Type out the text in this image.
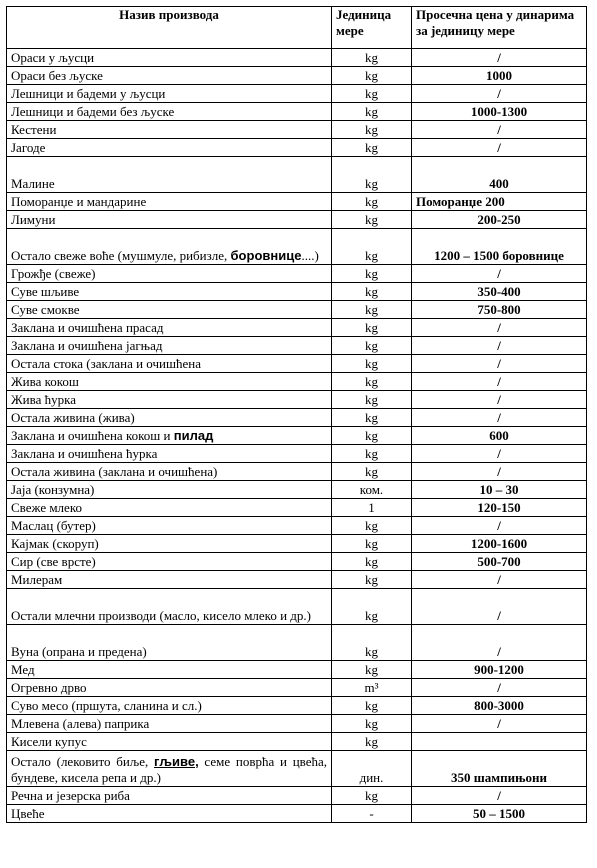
Назив производа	Јединица мере	Просечна цена у динарима за јединицу мере
Ораси у љусци	kg	/
Ораси без љуске	kg	1000
Лешници и бадеми у љусци	kg	/
Лешници и бадеми без љуске	kg	1000-1300
Кестени	kg	/
Јагоде	kg	/
Малине	kg	400
Поморанџе и мандарине	kg	Поморанџе 200
Лимуни	kg	200-250
Остало свеже воће (мушмуле, рибизле, боровнице....)	kg	1200 – 1500 боровнице
Грожђе (свеже)	kg	/
Суве шљиве	kg	350-400
Суве смокве	kg	750-800
Заклана и очишћена прасад	kg	/
Заклана и очишћена јагњад	kg	/
Остала стока (заклана и очишћена	kg	/
Жива кокош	kg	/
Жива ћурка	kg	/
Остала живина (жива)	kg	/
Заклана и очишћена кокош и пилад	kg	600
Заклана и очишћена ћурка	kg	/
Остала живина (заклана и очишћена)	kg	/
Јаја (конзумна)	ком.	10 – 30
Свеже млеко	1	120-150
Маслац (бутер)	kg	/
Кајмак (скоруп)	kg	1200-1600
Сир (све врсте)	kg	500-700
Милерам	kg	/
Остали млечни производи (масло, кисело млеко и др.)	kg	/
Вуна (опрана и предена)	kg	/
Мед	kg	900-1200
Огревно дрво	m³	/
Суво месо (пршута, сланина и сл.)	kg	800-3000
Млевена (алева) паприка	kg	/
Кисели купус	kg	
Остало (лековито биље, гљиве, семе поврћа и цвећа, бундеве, кисела репа и др.)	дин.	350 шампињони
Речна и језерска риба	kg	/
Цвеће	-	50 – 1500
